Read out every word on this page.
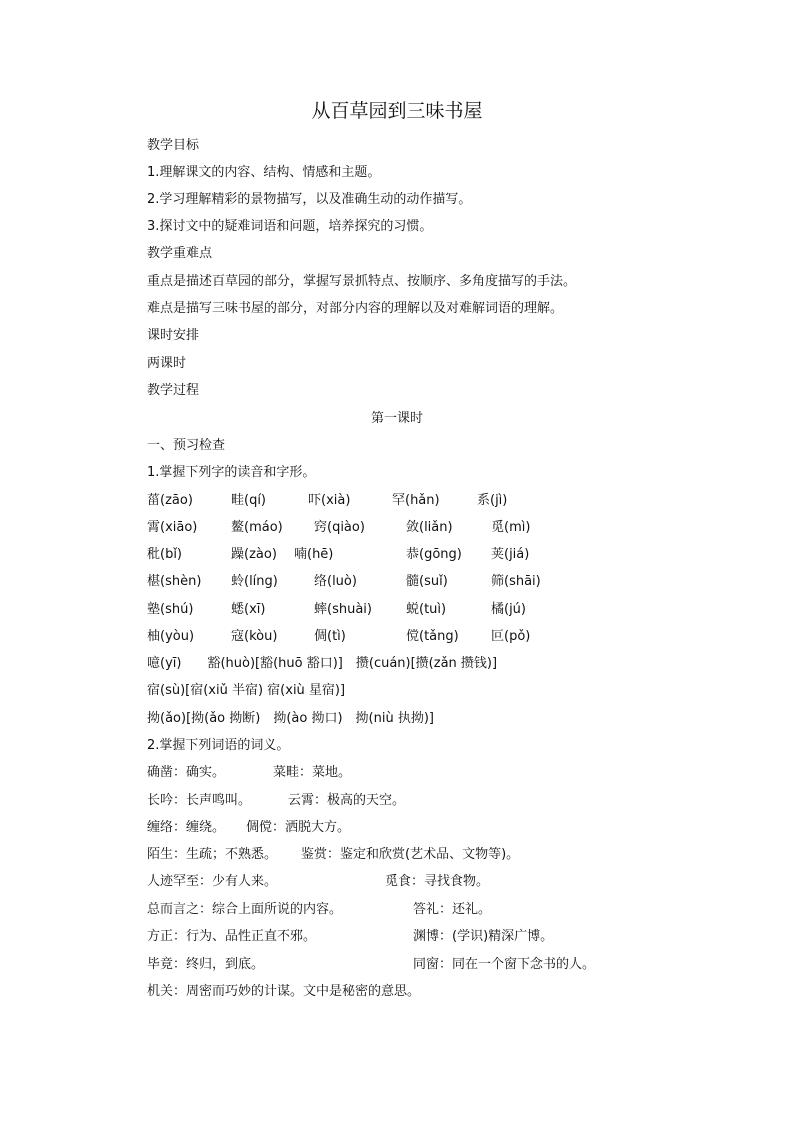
从百草园到三味书屋
教学目标
1.理解课文的内容、结构、情感和主题。
2.学习理解精彩的景物描写，以及准确生动的动作描写。
3.探讨文中的疑难词语和问题，培养探究的习惯。
教学重难点
重点是描述百草园的部分，掌握写景抓特点、按顺序、多角度描写的手法。
难点是描写三味书屋的部分，对部分内容的理解以及对难解词语的理解。
课时安排
两课时
教学过程
第一课时
一、预习检查
1.掌握下列字的读音和字形。
菑(zāo)	畦(qí)	吓(xià)	罕(hǎn)	系(jì)
霄(xiāo)	鳌(máo) 窍(qiào)	敛(liǎn)	觅(mì)
秕(bǐ)	躁(zào) 喃(hē)	恭(gōng) 荚(jiá)
椹(shèn) 蛉(líng)	络(luò)	髓(suǐ)	筛(shāi)
塾(shú)	蟋(xī)	蟀(shuài)	蜕(tuì)	橘(jú)
柚(yòu)	寇(kòu)	倜(tì)	傥(tǎng) 叵(pǒ)
噫(yī)　　豁(huò)[豁(huō 豁口)]　攒(cuán)[攒(zǎn 攒钱)]
宿(sù)[宿(xiǔ 半宿) 宿(xiù 星宿)]
拗(ǎo)[拗(ǎo 拗断)　拗(ào 拗口)　拗(niù 执拗)]
2.掌握下列词语的词义。
确凿：确实。	菜畦：菜地。
长吟：长声鸣叫。	云霄：极高的天空。
缠络：缠绕。 倜傥：洒脱大方。
陌生：生疏；不熟悉。 鉴赏：鉴定和欣赏(艺术品、文物等)。
人迹罕至：少有人来。	觅食：寻找食物。
总而言之：综合上面所说的内容。	答礼：还礼。
方正：行为、品性正直不邪。	渊博：(学识)精深广博。
毕竟：终归，到底。	同窗：同在一个窗下念书的人。
机关：周密而巧妙的计谋。文中是秘密的意思。
